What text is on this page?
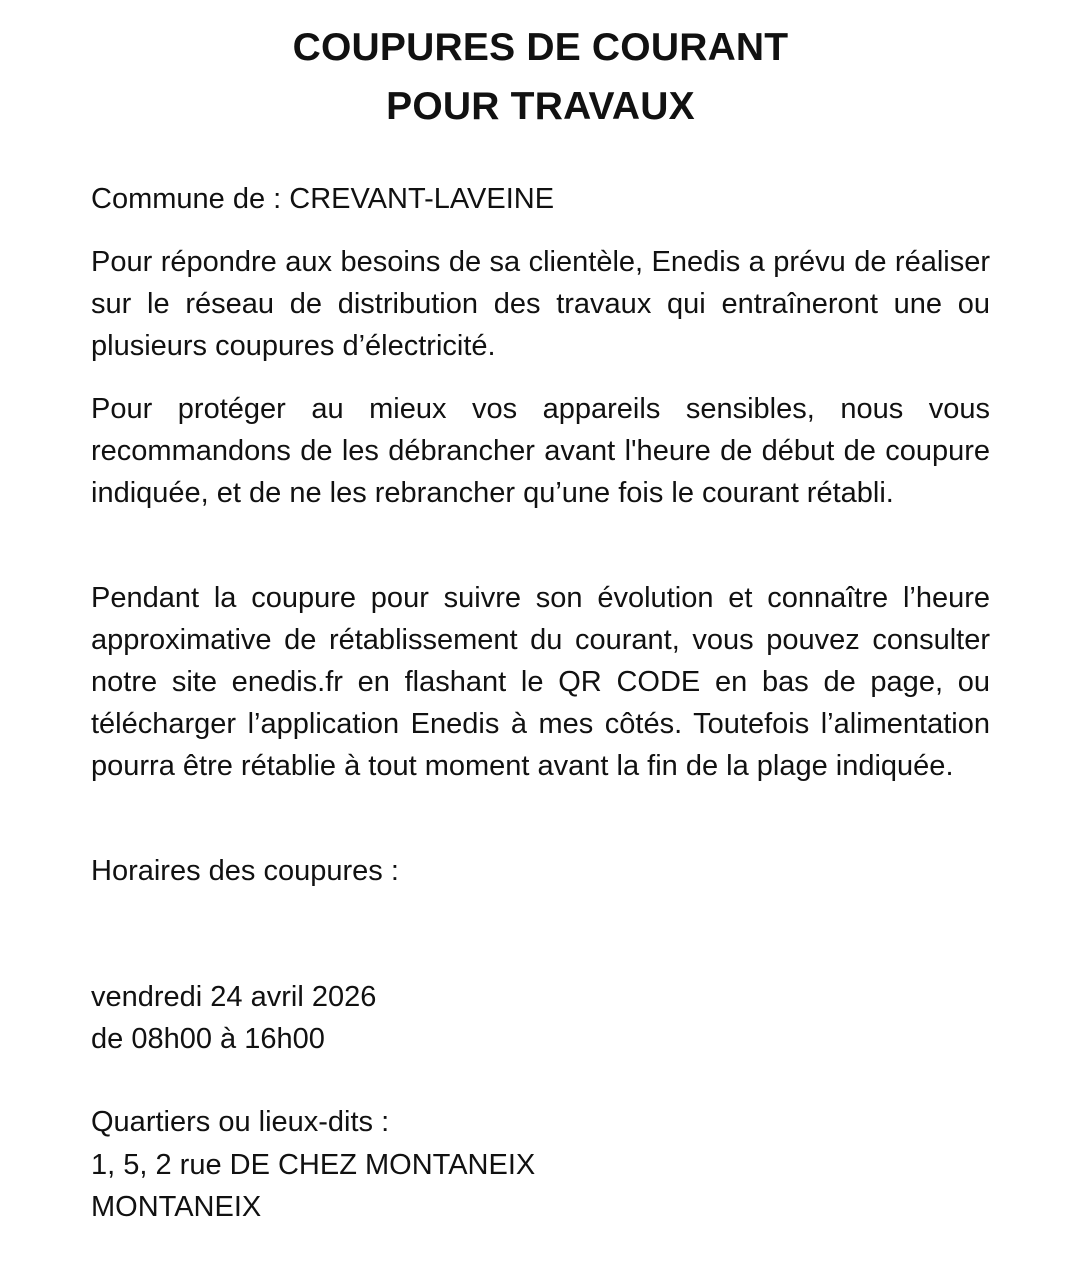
COUPURES DE COURANT
POUR TRAVAUX

Commune de : CREVANT-LAVEINE

Pour répondre aux besoins de sa clientèle, Enedis a prévu de réaliser sur le réseau de distribution des travaux qui entraîneront une ou plusieurs coupures d’électricité.

Pour protéger au mieux vos appareils sensibles, nous vous recommandons de les débrancher avant l'heure de début de coupure indiquée, et de ne les rebrancher qu’une fois le courant rétabli.

Pendant la coupure pour suivre son évolution et connaître l’heure approximative de rétablissement du courant, vous pouvez consulter notre site enedis.fr en flashant le QR CODE en bas de page, ou télécharger l’application Enedis à mes côtés. Toutefois l’alimentation pourra être rétablie à tout moment avant la fin de la plage indiquée.

Horaires des coupures :

vendredi 24 avril 2026

de 08h00 à 16h00

Quartiers ou lieux-dits :

1, 5, 2 rue DE CHEZ MONTANEIX

MONTANEIX
